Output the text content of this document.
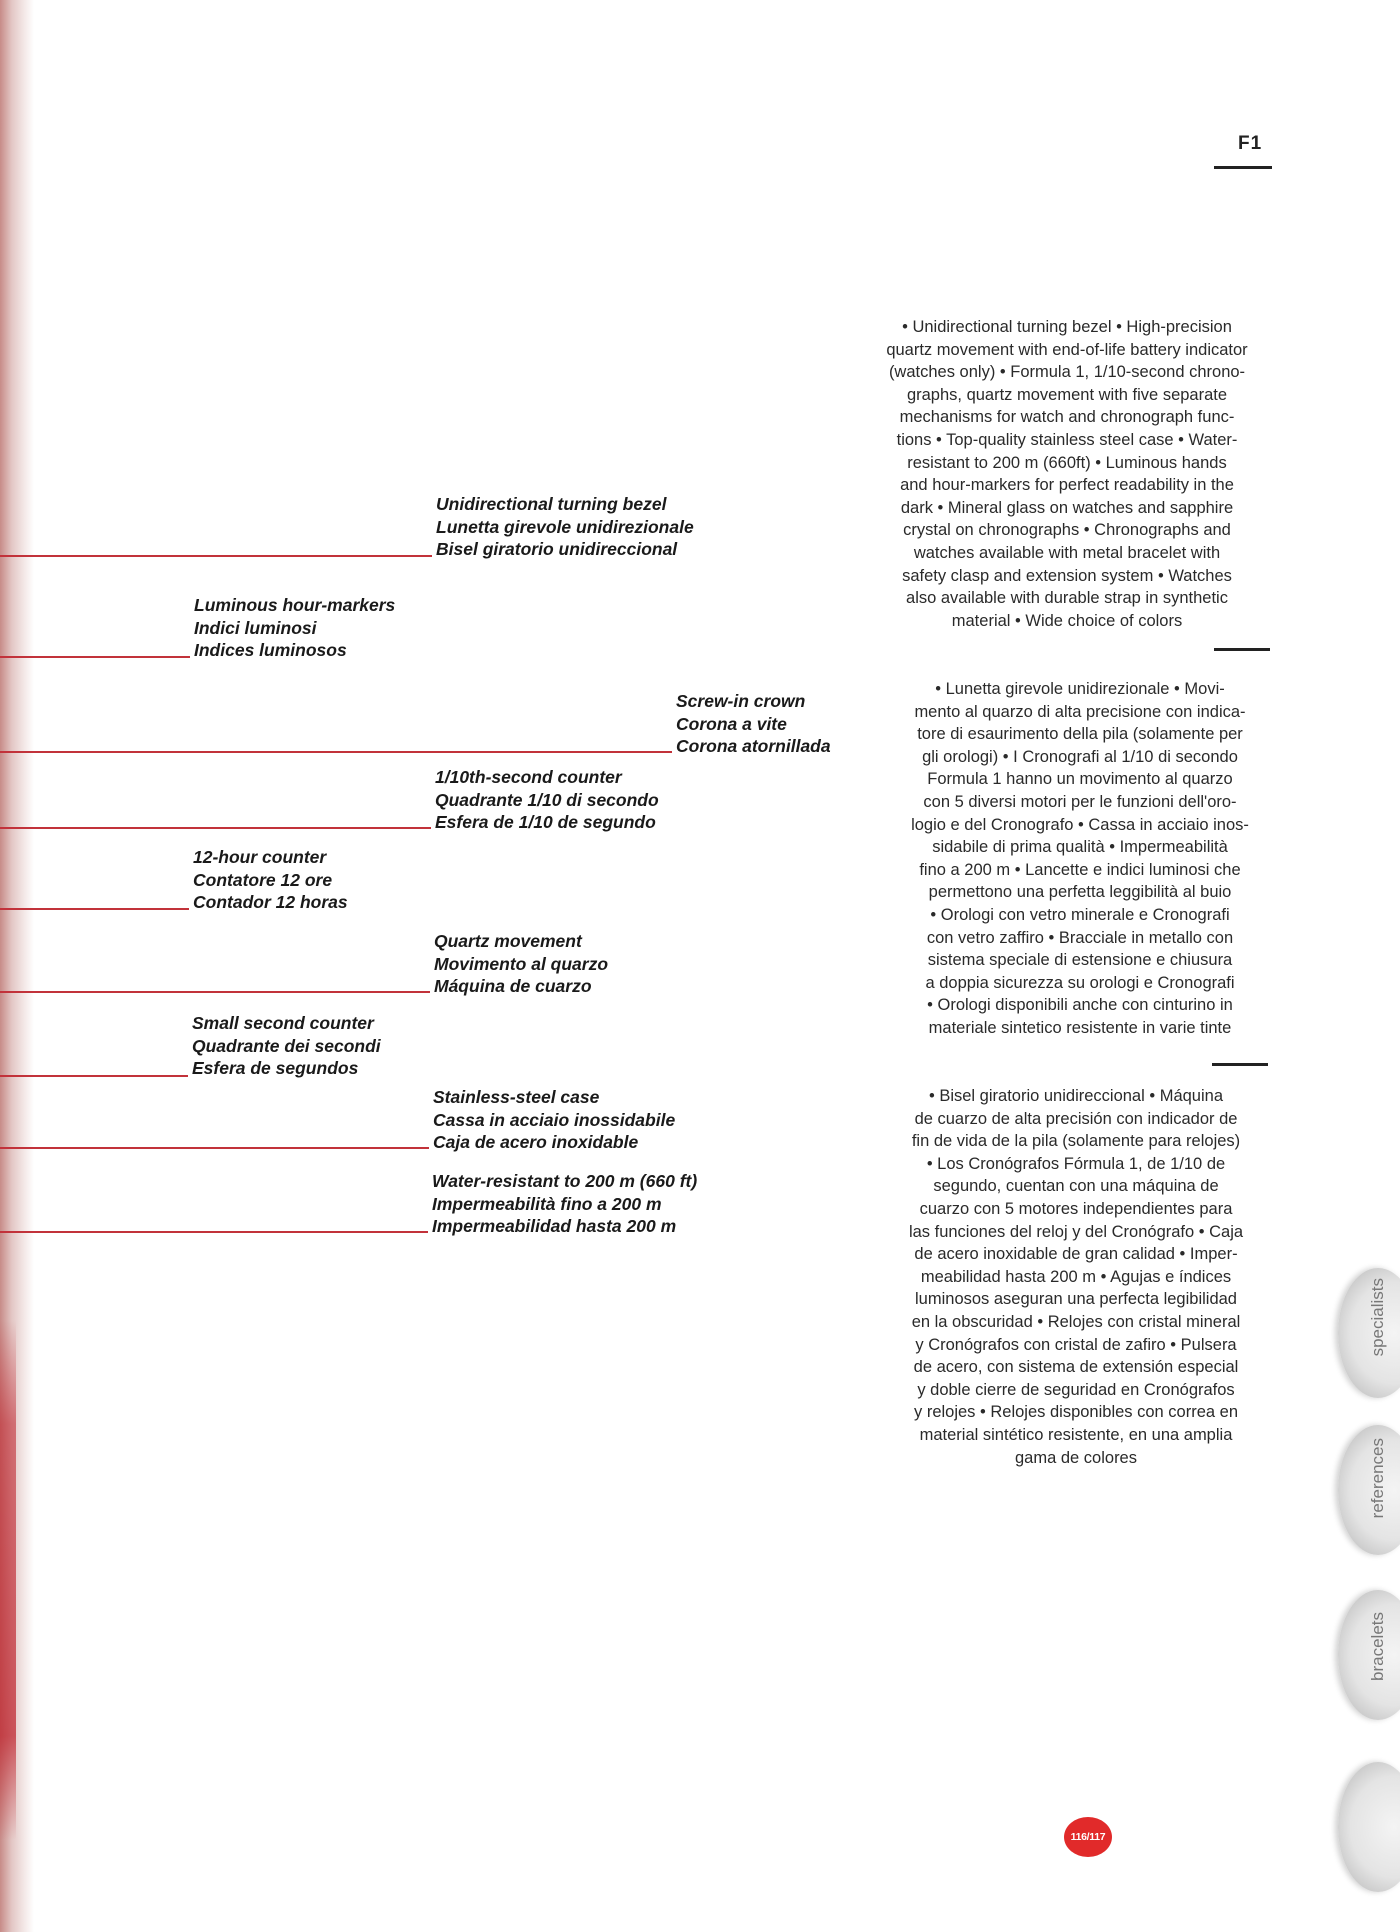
F1
Unidirectional turning bezel
Lunetta girevole unidirezionale
Bisel giratorio unidireccional
Luminous hour-markers
Indici luminosi
Indices luminosos
Screw-in crown
Corona a vite
Corona atornillada
1/10th-second counter
Quadrante 1/10 di secondo
Esfera de 1/10 de segundo
12-hour counter
Contatore 12 ore
Contador 12 horas
Quartz movement
Movimento al quarzo
Máquina de cuarzo
Small second counter
Quadrante dei secondi
Esfera de segundos
Stainless-steel case
Cassa in acciaio inossidabile
Caja de acero inoxidable
Water-resistant to 200 m (660 ft)
Impermeabilità fino a 200 m
Impermeabilidad hasta 200 m
• Unidirectional turning bezel • High-precision
quartz movement with end-of-life battery indicator
(watches only) • Formula 1, 1/10-second chrono-
graphs, quartz movement with five separate
mechanisms for watch and chronograph func-
tions • Top-quality stainless steel case • Water-
resistant to 200 m (660ft) • Luminous hands
and hour-markers for perfect readability in the
dark • Mineral glass on watches and sapphire
crystal on chronographs • Chronographs and
watches available with metal bracelet with
safety clasp and extension system • Watches
also available with durable strap in synthetic
material • Wide choice of colors
• Lunetta girevole unidirezionale • Movi-
mento al quarzo di alta precisione con indica-
tore di esaurimento della pila (solamente per
gli orologi) • I Cronografi al 1/10 di secondo
Formula 1 hanno un movimento al quarzo
con 5 diversi motori per le funzioni dell'oro-
logio e del Cronografo • Cassa in acciaio inos-
sidabile di prima qualità • Impermeabilità
fino a 200 m • Lancette e indici luminosi che
permettono una perfetta leggibilità al buio
• Orologi con vetro minerale e Cronografi
con vetro zaffiro • Bracciale in metallo con
sistema speciale di estensione e chiusura
a doppia sicurezza su orologi e Cronografi
• Orologi disponibili anche con cinturino in
materiale sintetico resistente in varie tinte
• Bisel giratorio unidireccional • Máquina
de cuarzo de alta precisión con indicador de
fin de vida de la pila (solamente para relojes)
• Los Cronógrafos Fórmula 1, de 1/10 de
segundo, cuentan con una máquina de
cuarzo con 5 motores independientes para
las funciones del reloj y del Cronógrafo • Caja
de acero inoxidable de gran calidad • Imper-
meabilidad hasta 200 m • Agujas e índices
luminosos aseguran una perfecta legibilidad
en la obscuridad • Relojes con cristal mineral
y Cronógrafos con cristal de zafiro • Pulsera
de acero, con sistema de extensión especial
y doble cierre de seguridad en Cronógrafos
y relojes • Relojes disponibles con correa en
material sintético resistente, en una amplia
gama de colores
specialists
references
bracelets
116/117
